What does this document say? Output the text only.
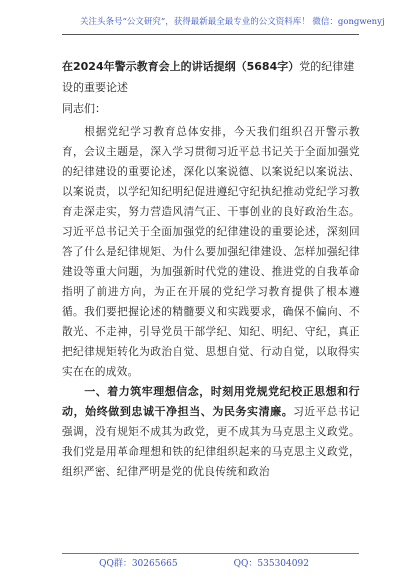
关注头条号“公文研究”，获得最新最全最专业的公文资料库！ 微信：gongwenyj
在2024年警示教育会上的讲话提纲（5684字）党的纪律建设的重要论述
同志们：

根据党纪学习教育总体安排，今天我们组织召开警示教育，会议主题是，深入学习贯彻习近平总书记关于全面加强党的纪律建设的重要论述，深化以案说德、以案说纪以案说法、以案说责，以学纪知纪明纪促进遵纪守纪执纪推动党纪学习教育走深走实，努力营造风清气正、干事创业的良好政治生态。习近平总书记关于全面加强党的纪律建设的重要论述，深刻回答了什么是纪律规矩、为什么要加强纪律建设、怎样加强纪律建设等重大问题，为加强新时代党的建设、推进党的自我革命指明了前进方向，为正在开展的党纪学习教育提供了根本遵循。我们要把握论述的精髓要义和实践要求，确保不偏向、不散光、不走神，引导党员干部学纪、知纪、明纪、守纪，真正把纪律规矩转化为政治自觉、思想自觉、行动自觉，以取得实实在在的成效。

一、着力筑牢理想信念，时刻用党规党纪校正思想和行动，始终做到忠诚干净担当、为民务实清廉。习近平总书记强调，没有规矩不成其为政党，更不成其为马克思主义政党。我们党是用革命理想和铁的纪律组织起来的马克思主义政党，组织严密、纪律严明是党的优良传统和政治

QQ群：30265665	QQ：535304092
